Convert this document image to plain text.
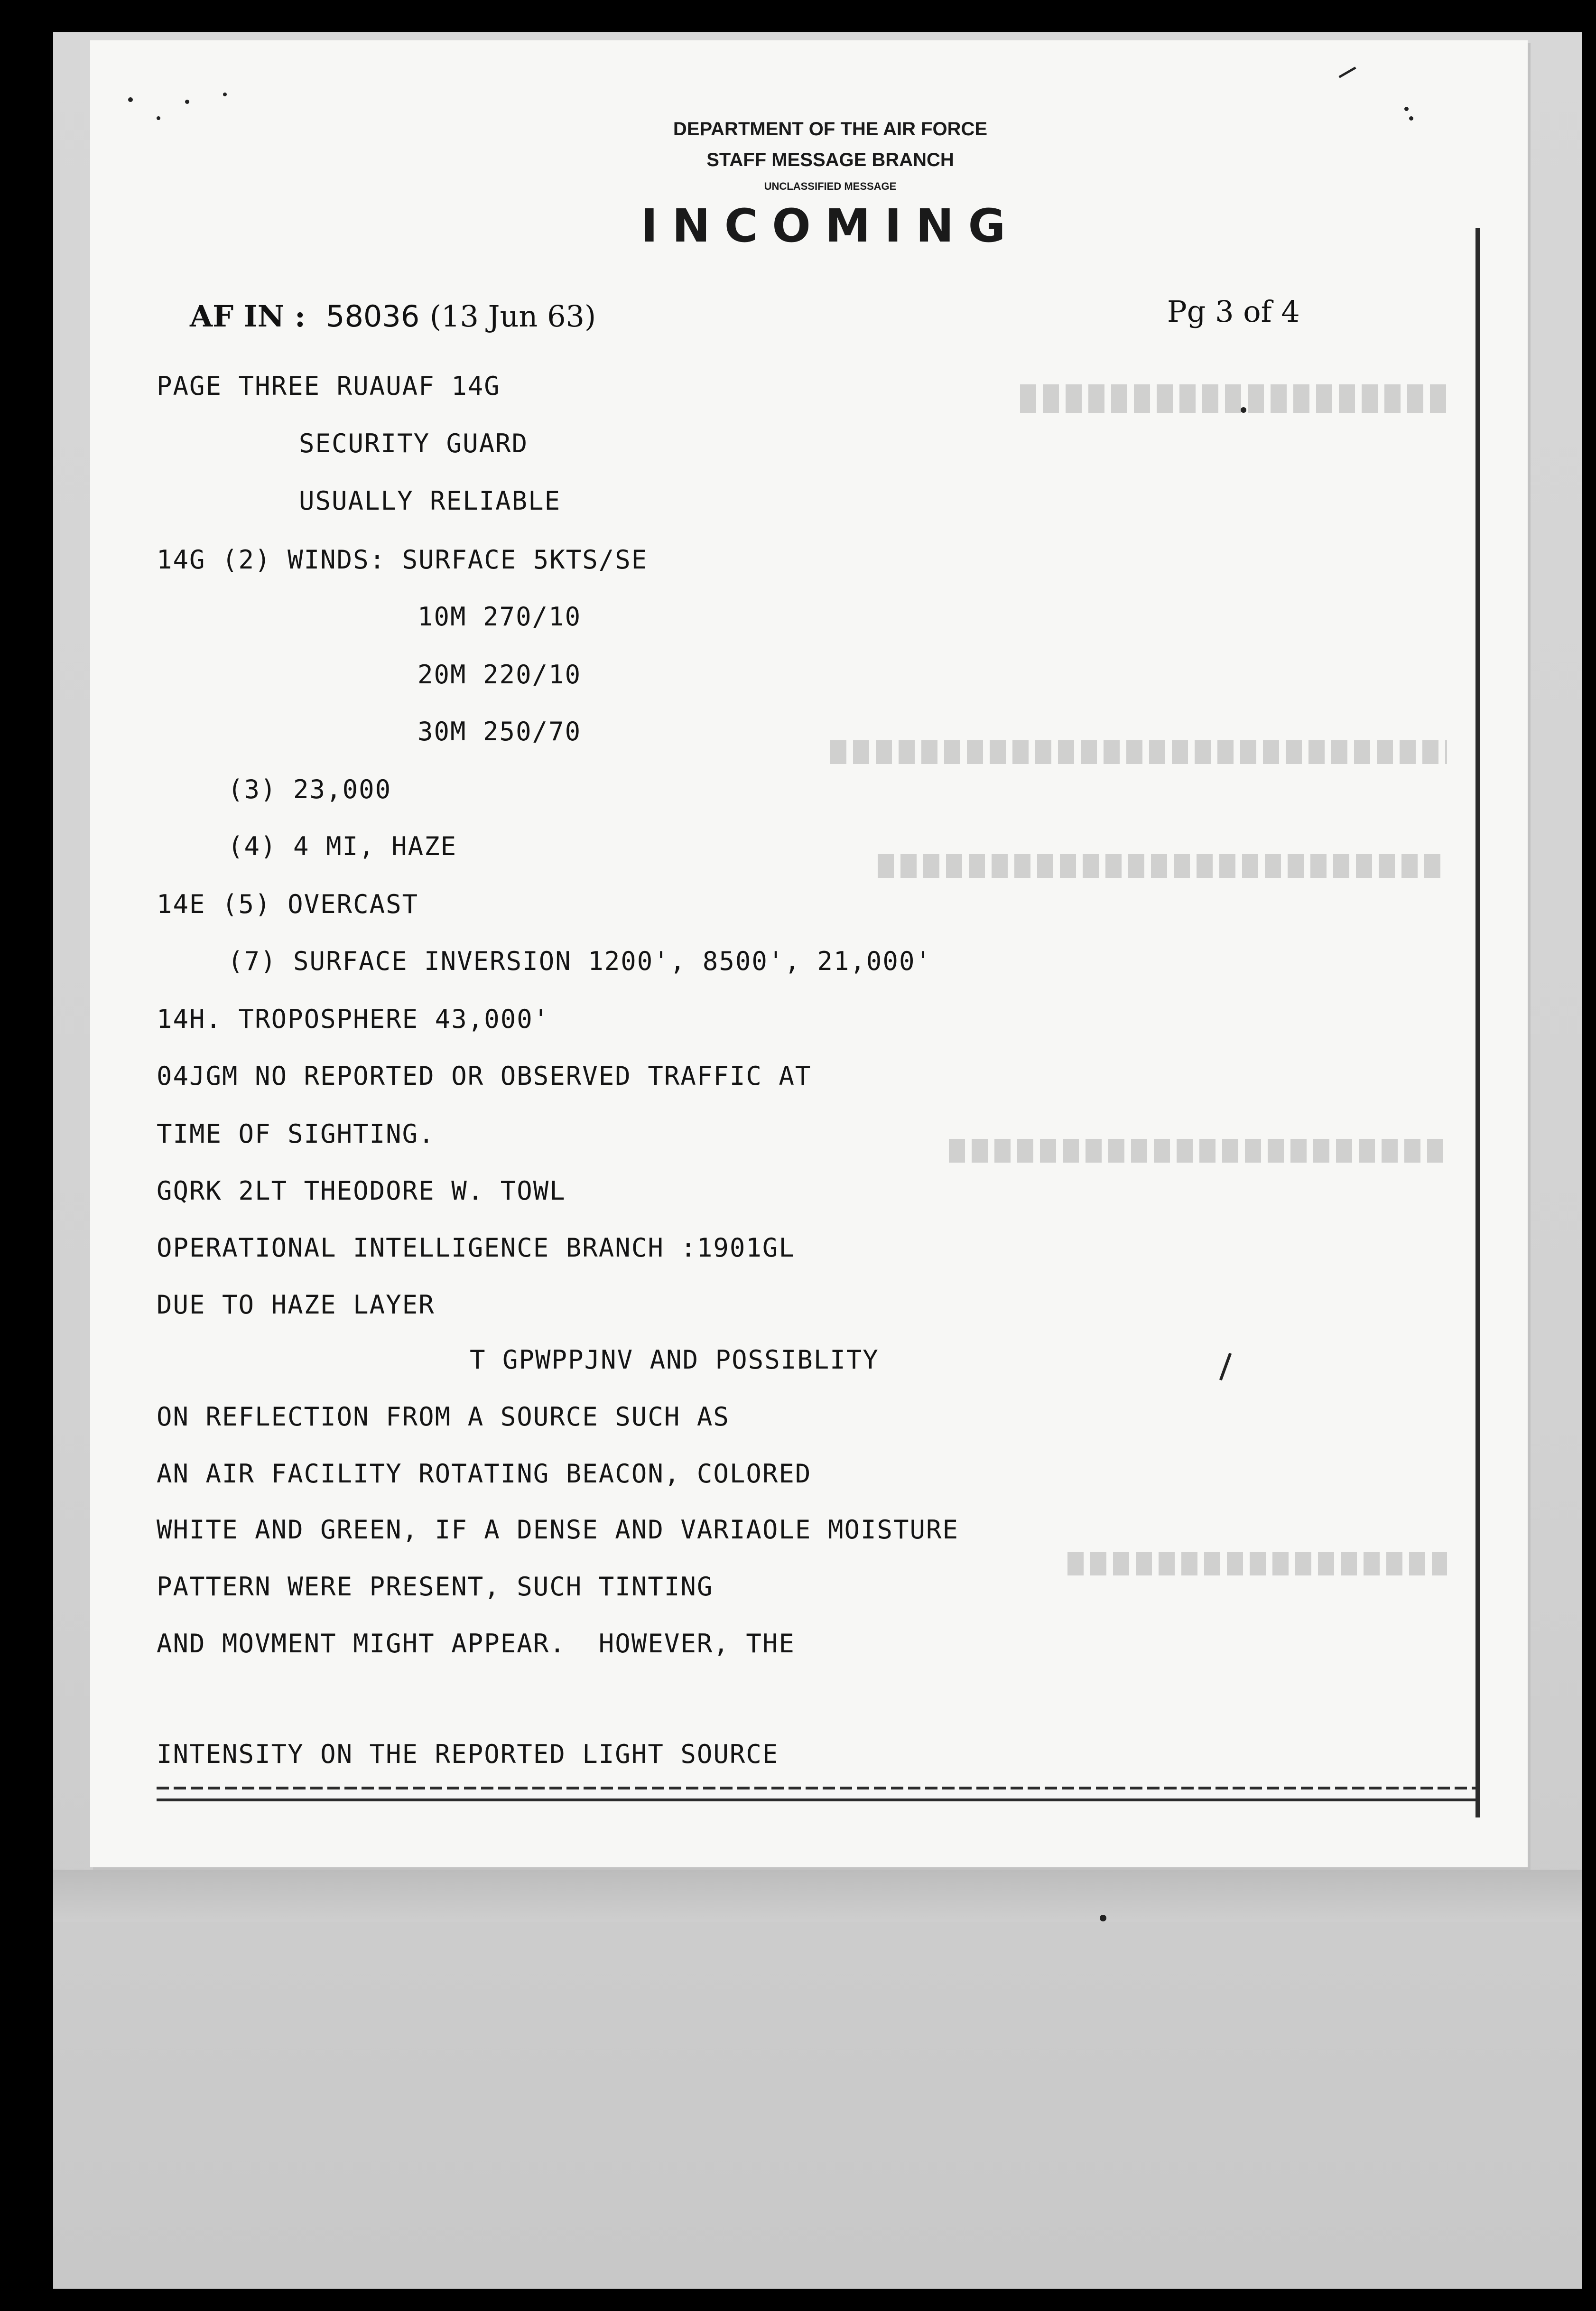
DEPARTMENT OF THE AIR FORCE
STAFF MESSAGE BRANCH
UNCLASSIFIED MESSAGE
INCOMING
AF IN : 58036 (13 Jun 63)	Pg 3 of 4
PAGE THREE RUAUAF 14G
SECURITY GUARD
USUALLY RELIABLE
14G (2) WINDS: SURFACE 5KTS/SE
10M 270/10
20M 220/10
30M 250/70
(3) 23,000
(4) 4 MI, HAZE
14E (5) OVERCAST
(7) SURFACE INVERSION 1200', 8500', 21,000'
14H. TROPOSPHERE 43,000'
04JGM NO REPORTED OR OBSERVED TRAFFIC AT
TIME OF SIGHTING.
GQRK 2LT THEODORE W. TOWL
OPERATIONAL INTELLIGENCE BRANCH :1901GL
DUE TO HAZE LAYER
T GPWPPJNV AND POSSIBLITY
ON REFLECTION FROM A SOURCE SUCH AS
AN AIR FACILITY ROTATING BEACON, COLORED
WHITE AND GREEN, IF A DENSE AND VARIAOLE MOISTURE
PATTERN WERE PRESENT, SUCH TINTING
AND MOVMENT MIGHT APPEAR.  HOWEVER, THE
INTENSITY ON THE REPORTED LIGHT SOURCE
